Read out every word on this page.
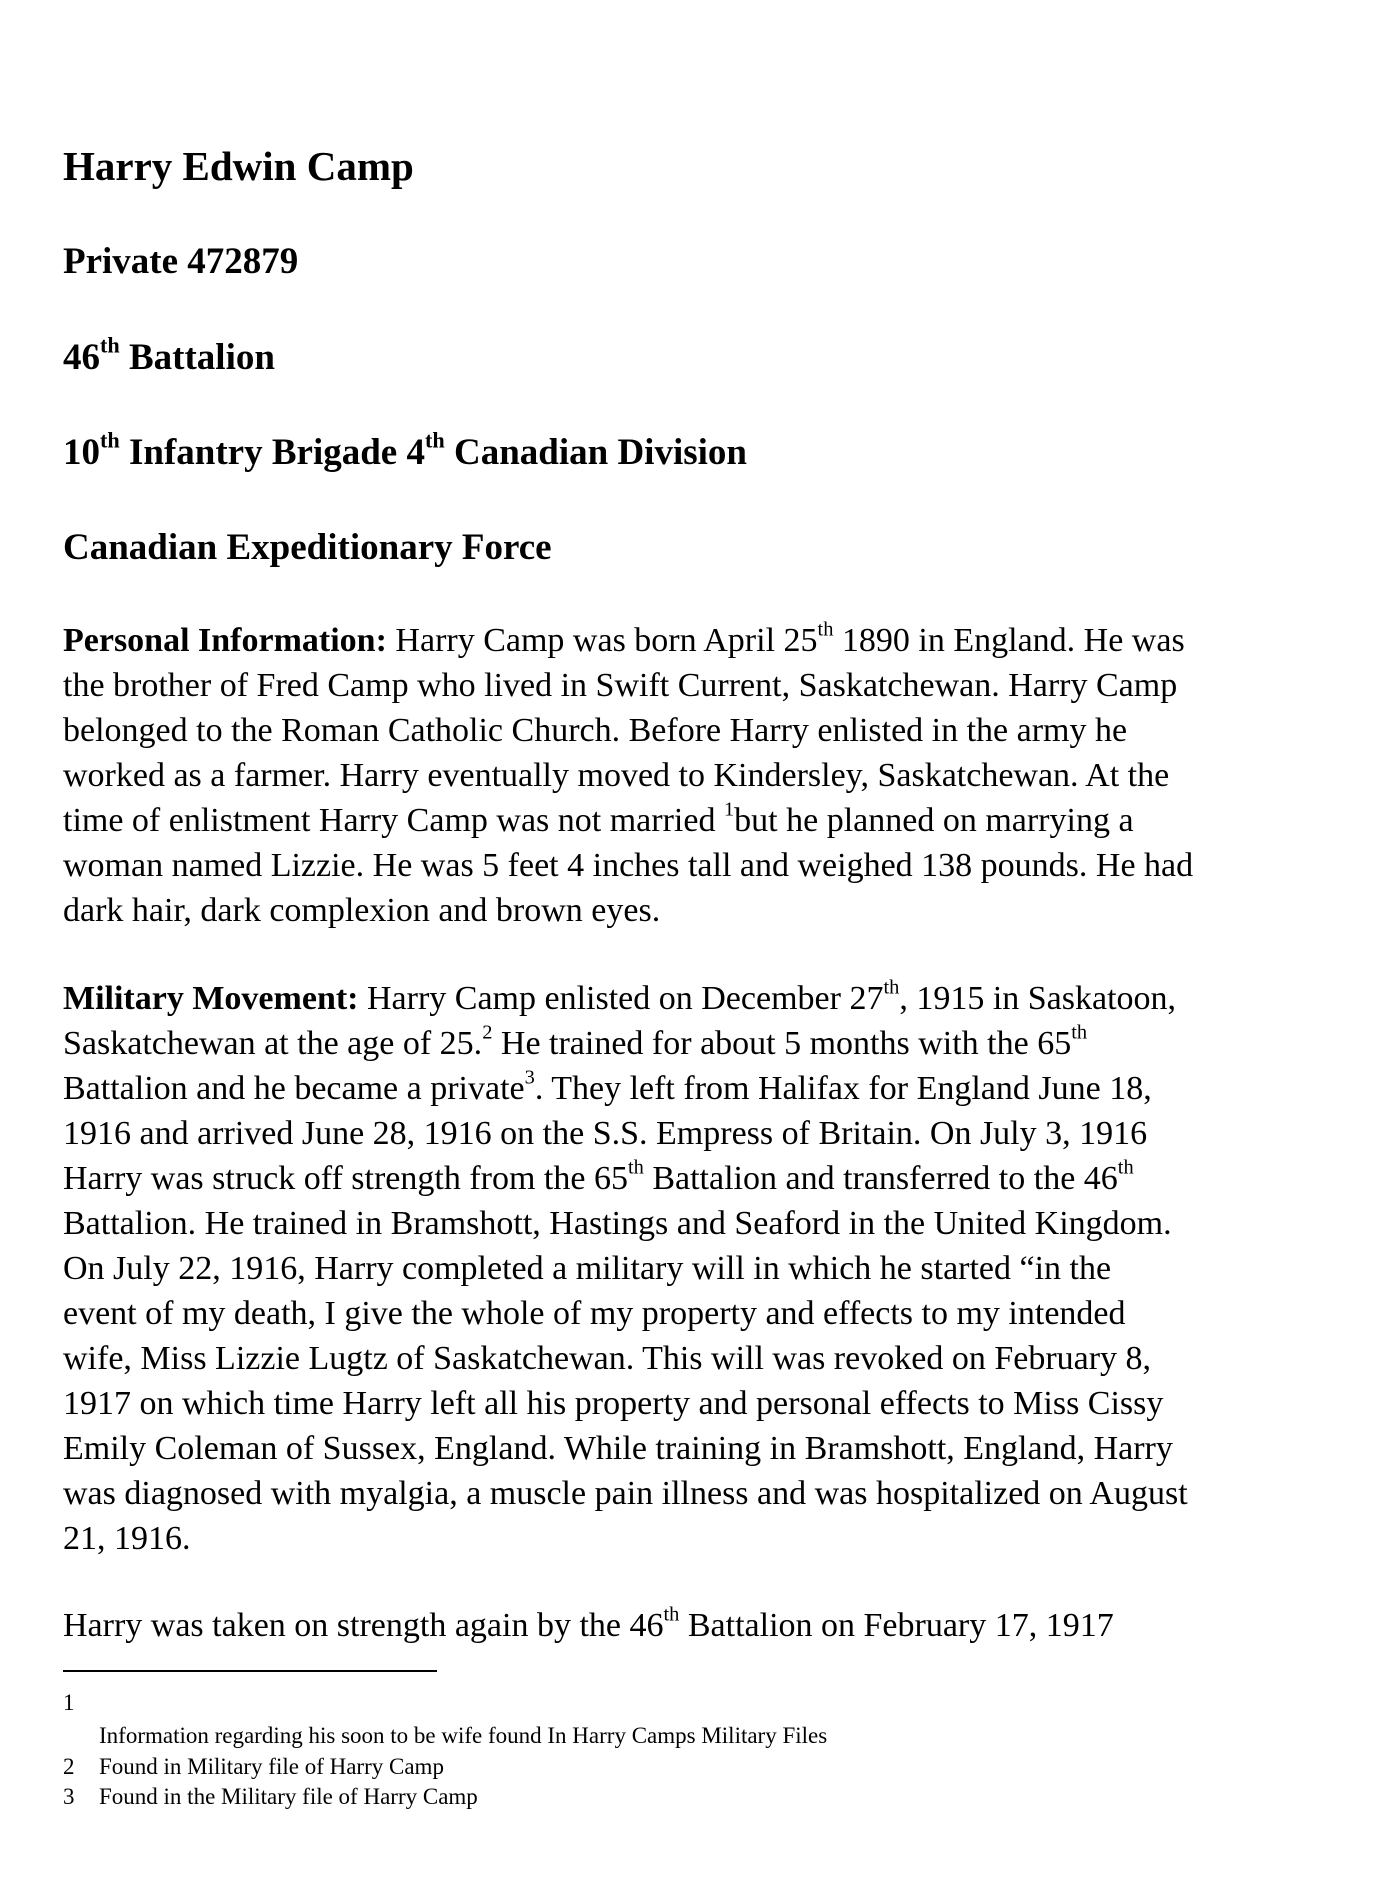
Harry Edwin Camp
Private 472879
46th Battalion
10th Infantry Brigade 4th Canadian Division
Canadian Expeditionary Force
Personal Information: Harry Camp was born April 25th 1890 in England. He was
the brother of Fred Camp who lived in Swift Current, Saskatchewan. Harry Camp
belonged to the Roman Catholic Church. Before Harry enlisted in the army he
worked as a farmer. Harry eventually moved to Kindersley, Saskatchewan. At the
time of enlistment Harry Camp was not married $^1$but he planned on marrying a
woman named Lizzie. He was 5 feet 4 inches tall and weighed 138 pounds. He had
dark hair, dark complexion and brown eyes.
Military Movement: Harry Camp enlisted on December 27th, 1915 in Saskatoon,
Saskatchewan at the age of 25.$^2$ He trained for about 5 months with the 65th
Battalion and he became a private$^3$. They left from Halifax for England June 18,
1916 and arrived June 28, 1916 on the S.S. Empress of Britain. On July 3, 1916
Harry was struck off strength from the 65th Battalion and transferred to the 46th
Battalion. He trained in Bramshott, Hastings and Seaford in the United Kingdom.
On July 22, 1916, Harry completed a military will in which he started “in the
event of my death, I give the whole of my property and effects to my intended
wife, Miss Lizzie Lugtz of Saskatchewan. This will was revoked on February 8,
1917 on which time Harry left all his property and personal effects to Miss Cissy
Emily Coleman of Sussex, England. While training in Bramshott, England, Harry
was diagnosed with myalgia, a muscle pain illness and was hospitalized on August
21, 1916.
Harry was taken on strength again by the 46th Battalion on February 17, 1917
1
Information regarding his soon to be wife found In Harry Camps Military Files
2 Found in Military file of Harry Camp
3 Found in the Military file of Harry Camp
